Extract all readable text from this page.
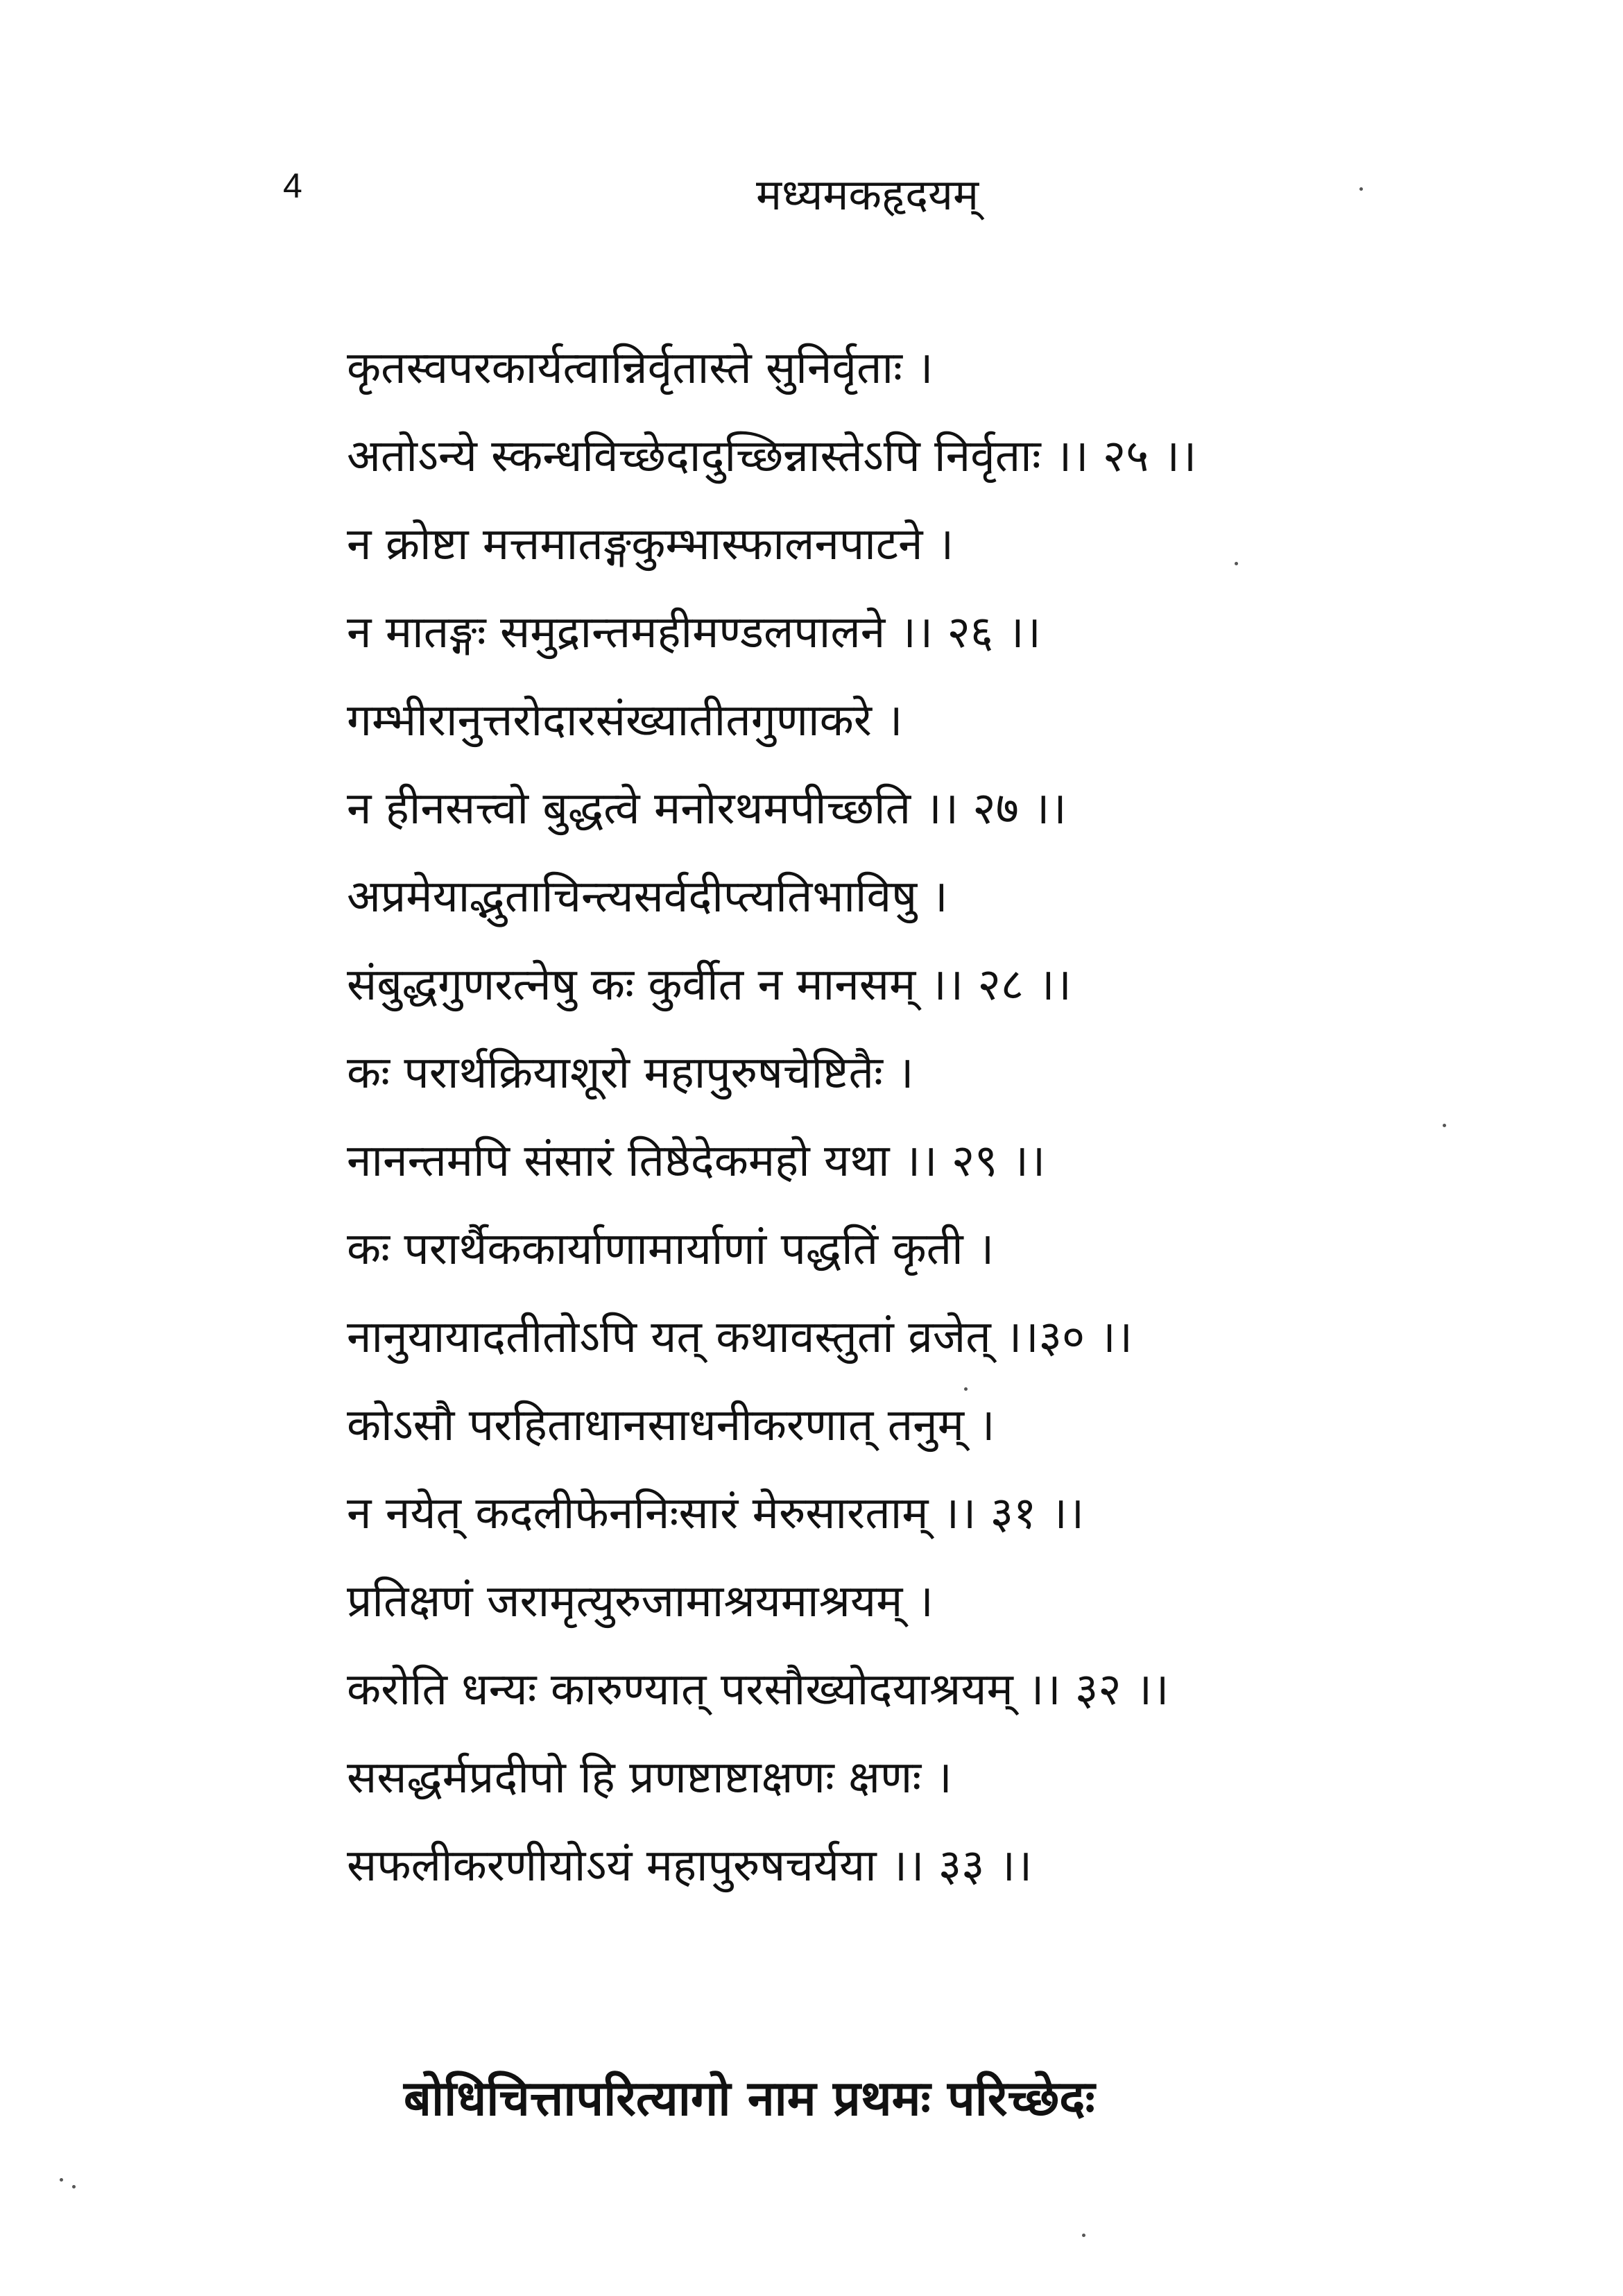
4	मध्यमकहृदयम्
कृतस्वपरकार्यत्वान्निर्वृतास्ते सुनिर्वृताः ।
अतोऽन्ये स्कन्धविच्छेदादुच्छिन्नास्तेऽपि निर्वृताः ।। २५ ।।
न क्रोष्टा मत्तमातङ्गकुम्भास्फालनपाटने ।
न मातङ्गः समुद्रान्तमहीमण्डलपालने ।। २६ ।।
गम्भीरानुत्तरोदारसंख्यातीतगुणाकरे ।
न हीनसत्त्वो बुद्धत्वे मनोरथमपीच्छति ।। २७ ।।
अप्रमेयाद्भुताचिन्त्यसर्वदीप्त्यतिभाविषु ।
संबुद्धगुणरत्नेषु कः कुर्वीत न मानसम् ।। २८ ।।
कः परार्थक्रियाशूरो महापुरुषचेष्टितैः ।
नानन्तमपि संसारं तिष्ठेदेकमहो यथा ।। २९ ।।
कः परार्थैककार्याणामार्याणां पद्धतिं कृती ।
नानुयायादतीतोऽपि यत् कथावस्तुतां व्रजेत् ।।३० ।।
कोऽसौ परहिताधानसाधनीकरणात् तनुम् ।
न नयेत् कदलीफेननिःसारं मेरुसारताम् ।। ३१ ।।
प्रतिक्षणं जरामृत्युरुजामाश्रयमाश्रयम् ।
करोति धन्यः कारुण्यात् परसौख्योदयाश्रयम् ।। ३२ ।।
ससद्धर्मप्रदीपो हि प्रणष्टाष्टाक्षणः क्षणः ।
सफलीकरणीयोऽयं महापुरुषचर्यया ।। ३३ ।।
बोधिचित्तापरित्यागो नाम प्रथमः परिच्छेदः
